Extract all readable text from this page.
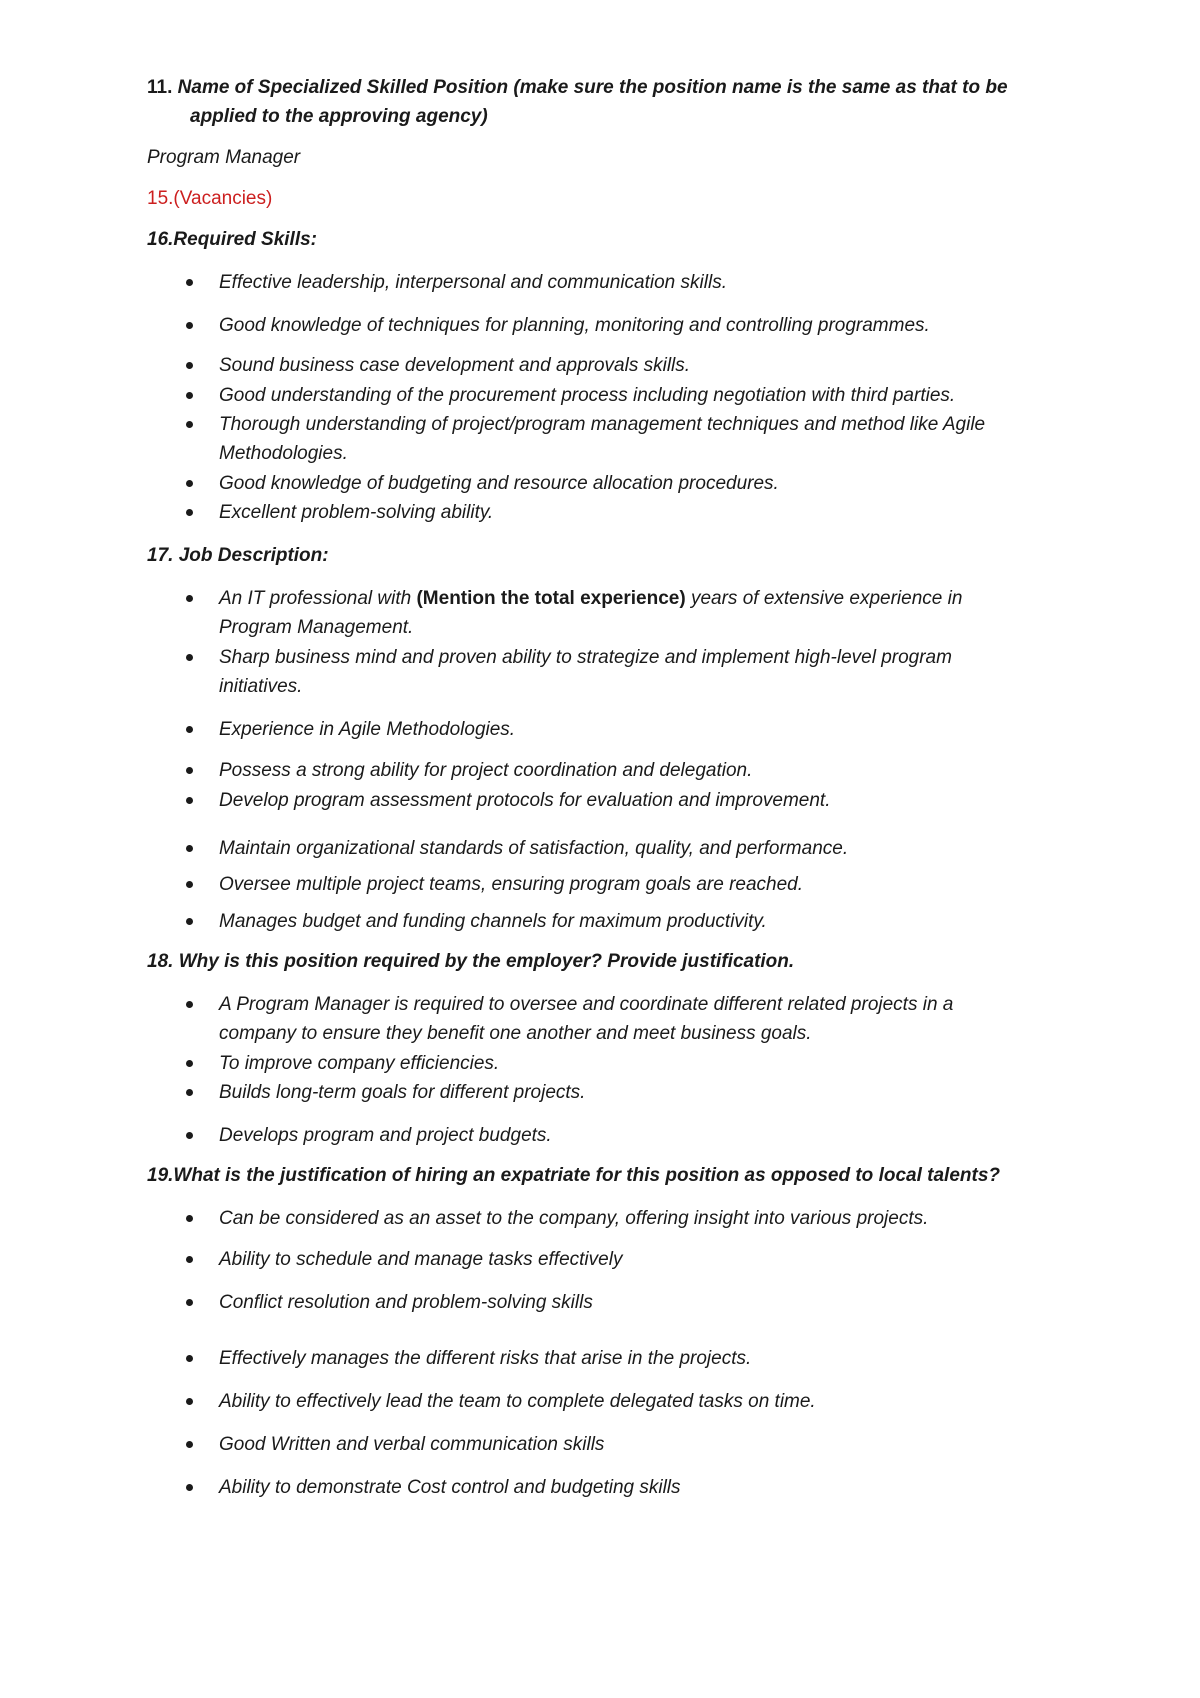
11. Name of Specialized Skilled Position (make sure the position name is the same as that to be
applied to the approving agency)
Program Manager
15.(Vacancies)
16.Required Skills:
Effective leadership, interpersonal and communication skills.
Good knowledge of techniques for planning, monitoring and controlling programmes.
Sound business case development and approvals skills.
Good understanding of the procurement process including negotiation with third parties.
Thorough understanding of project/program management techniques and method like Agile
Methodologies.
Good knowledge of budgeting and resource allocation procedures.
Excellent problem-solving ability.
17. Job Description:
An IT professional with (Mention the total experience) years of extensive experience in
Program Management.
Sharp business mind and proven ability to strategize and implement high-level program
initiatives.
Experience in Agile Methodologies.
Possess a strong ability for project coordination and delegation.
Develop program assessment protocols for evaluation and improvement.
Maintain organizational standards of satisfaction, quality, and performance.
Oversee multiple project teams, ensuring program goals are reached.
Manages budget and funding channels for maximum productivity.
18. Why is this position required by the employer? Provide justification.
A Program Manager is required to oversee and coordinate different related projects in a
company to ensure they benefit one another and meet business goals.
To improve company efficiencies.
Builds long-term goals for different projects.
Develops program and project budgets.
19.What is the justification of hiring an expatriate for this position as opposed to local talents?
Can be considered as an asset to the company, offering insight into various projects.
Ability to schedule and manage tasks effectively
Conflict resolution and problem-solving skills
Effectively manages the different risks that arise in the projects.
Ability to effectively lead the team to complete delegated tasks on time.
Good Written and verbal communication skills
Ability to demonstrate Cost control and budgeting skills
